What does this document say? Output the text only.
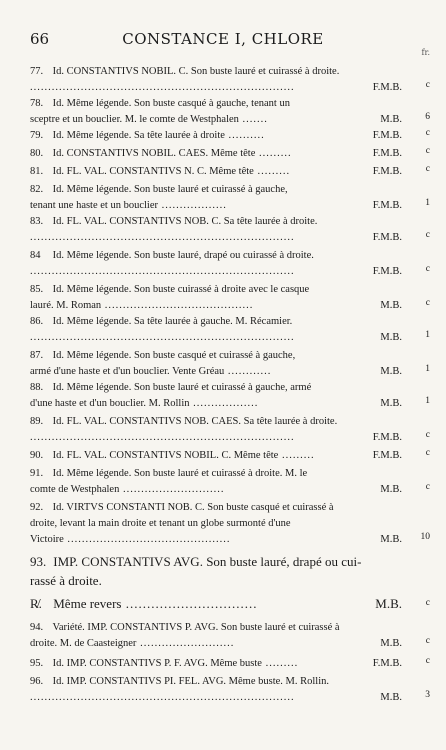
66	CONSTANCE I, CHLORE
fr.
77. Id. CONSTANTIVS NOBIL. C. Son buste lauré et cuirassé à droite.
.........................................................................	F.M.B.	c
78. Id. Même légende. Son buste casqué à gauche, tenant un
sceptre et un bouclier. M. le comte de Westphalen .......	M.B. 6
79. Id. Même légende. Sa tête laurée à droite ..........	F.M.B.	c
80. Id. CONSTANTIVS NOBIL. CAES. Même tête .........	F.M.B.	c
81. Id. FL. VAL. CONSTANTIVS N. C. Même tête .........	F.M.B.	c
82. Id. Même légende. Son buste lauré et cuirassé à gauche,
tenant une haste et un bouclier ..................	F.M.B. 1
83. Id. FL. VAL. CONSTANTIVS NOB. C. Sa tête laurée à droite.
.........................................................................	F.M.B.	c
84 Id. Même légende. Son buste lauré, drapé ou cuirassé à droite.
.........................................................................	F.M.B.	c
85. Id. Même légende. Son buste cuirassé à droite avec le casque
lauré. M. Roman .........................................	M.B.	c
86. Id. Même légende. Sa tête laurée à gauche. M. Récamier.
.........................................................................	M.B. 1
87. Id. Même légende. Son buste casqué et cuirassé à gauche,
armé d'une haste et d'un bouclier. Vente Gréau ............	M.B. 1
88. Id. Même légende. Son buste lauré et cuirassé à gauche, armé
d'une haste et d'un bouclier. M. Rollin ..................	M.B. 1
89. Id. FL. VAL. CONSTANTIVS NOB. CAES. Sa tête laurée à droite.
.........................................................................	F.M.B.	c
90. Id. FL. VAL. CONSTANTIVS NOBIL. C. Même tête .........	F.M.B.	c
91. Id. Même légende. Son buste lauré et cuirassé à droite. M. le
comte de Westphalen ............................	M.B.	c
92. Id. VIRTVS CONSTANTI NOB. C. Son buste casqué et cuirassé à
droite, levant la main droite et tenant un globe surmonté d'une
Victoire .............................................	M.B. 10
93. IMP. CONSTANTIVS AVG. Son buste lauré, drapé ou cui-
rassé à droite.
R̸. Même revers ...............................	M.B.	c
94. Variété. IMP. CONSTANTIVS P. AVG. Son buste lauré et cuirassé à
droite. M. de Caasteigner ..........................	M.B.	c
95. Id. IMP. CONSTANTIVS P. F. AVG. Même buste .........	F.M.B.	c
96. Id. IMP. CONSTANTIVS PI. FEL. AVG. Même buste. M. Rollin.
.........................................................................	M.B. 3
